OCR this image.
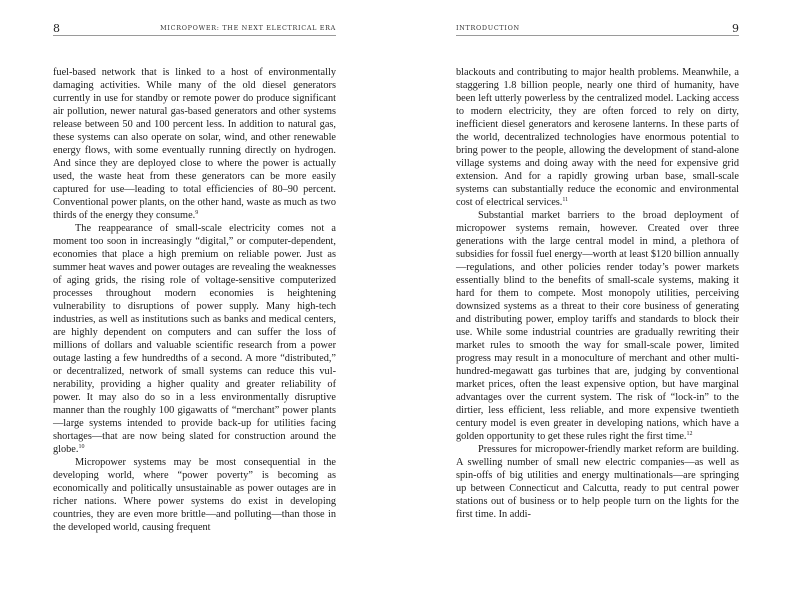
8	MICROPOWER: THE NEXT ELECTRICAL ERA

fuel-based network that is linked to a host of environmentally damaging activities. While many of the old diesel generators currently in use for standby or remote power do produce significant air pollution, newer natural gas-based generators and other systems release between 50 and 100 percent less. In addition to natural gas, these systems can also operate on solar, wind, and other renewable energy flows, with some eventually running directly on hydrogen. And since they are deployed close to where the power is actually used, the waste heat from these generators can be more easily captured for use—leading to total efficiencies of 80–90 percent. Conventional power plants, on the other hand, waste as much as two thirds of the energy they consume.$^9$

The reappearance of small-scale electricity comes not a moment too soon in increasingly “digital,” or computer-dependent, economies that place a high premium on reliable power. Just as summer heat waves and power outages are revealing the weaknesses of aging grids, the rising role of voltage-sensitive computerized processes throughout modern economies is heightening vulnerability to disruptions of power supply. Many high-tech industries, as well as institutions such as banks and medical centers, are highly dependent on computers and can suffer the loss of millions of dollars and valuable scientific research from a power outage lasting a few hundredths of a second. A more “distributed,” or decentralized, network of small systems can reduce this vulnerability, providing a higher quality and greater reliability of power. It may also do so in a less environmentally disruptive manner than the roughly 100 gigawatts of “merchant” power plants—large systems intended to provide back-up for utilities facing shortages—that are now being slated for construction around the globe.$^{10}$

Micropower systems may be most consequential in the developing world, where “power poverty” is becoming as economically and politically unsustainable as power outages are in richer nations. Where power systems do exist in developing countries, they are even more brittle—and polluting—than those in the developed world, causing frequent

INTRODUCTION	9

blackouts and contributing to major health problems. Meanwhile, a staggering 1.8 billion people, nearly one third of humanity, have been left utterly powerless by the centralized model. Lacking access to modern electricity, they are often forced to rely on dirty, inefficient diesel generators and kerosene lanterns. In these parts of the world, decentralized technologies have enormous potential to bring power to the people, allowing the development of stand-alone village systems and doing away with the need for expensive grid extension. And for a rapidly growing urban base, small-scale systems can substantially reduce the economic and environmental cost of electrical services.$^{11}$

Substantial market barriers to the broad deployment of micropower systems remain, however. Created over three generations with the large central model in mind, a plethora of subsidies for fossil fuel energy—worth at least $120 billion annually—regulations, and other policies render today’s power markets essentially blind to the benefits of small-scale systems, making it hard for them to compete. Most monopoly utilities, perceiving downsized systems as a threat to their core business of generating and distributing power, employ tariffs and standards to block their use. While some industrial countries are gradually rewriting their market rules to smooth the way for small-scale power, limited progress may result in a monoculture of merchant and other multi-hundred-megawatt gas turbines that are, judging by conventional market prices, often the least expensive option, but have marginal advantages over the current system. The risk of “lock-in” to the dirtier, less efficient, less reliable, and more expensive twentieth century model is even greater in developing nations, which have a golden opportunity to get these rules right the first time.$^{12}$

Pressures for micropower-friendly market reform are building. A swelling number of small new electric companies—as well as spin-offs of big utilities and energy multinationals—are springing up between Connecticut and Calcutta, ready to put central power stations out of business or to help people turn on the lights for the first time. In addi-
